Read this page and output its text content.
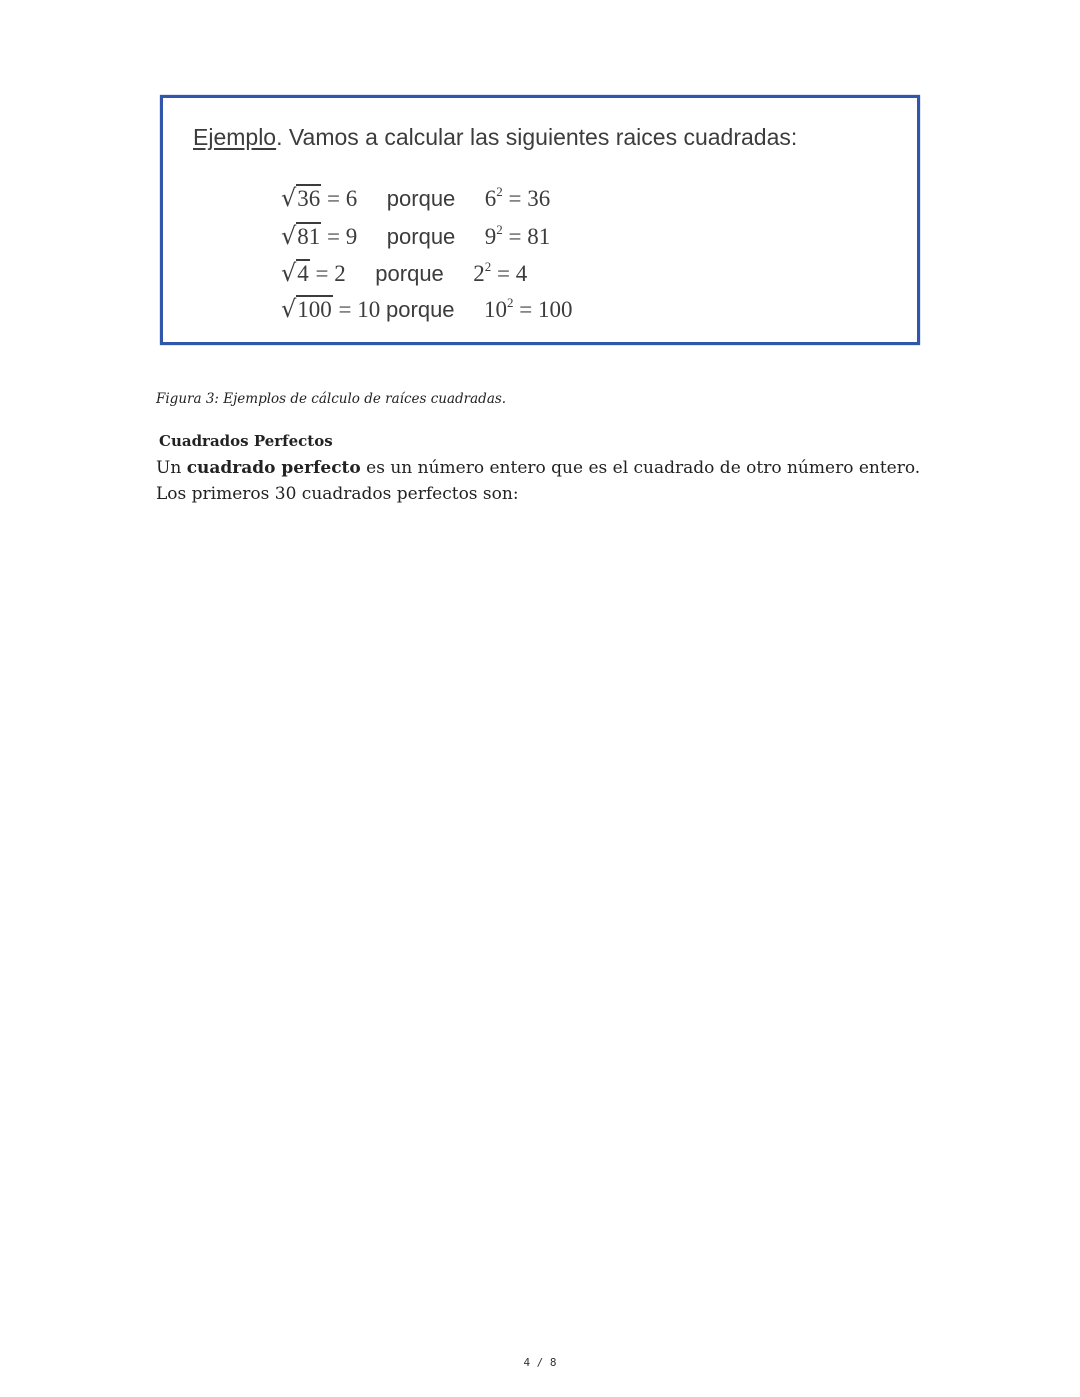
Ejemplo. Vamos a calcular las siguientes raices cuadradas:
√36 = 6 porque $6^2 = 36$
√81 = 9 porque $9^2 = 81$
√4 = 2 porque $2^2 = 4$
√100 = 10 porque $10^2 = 100$
Figura 3: Ejemplos de cálculo de raíces cuadradas.
Cuadrados Perfectos
Un cuadrado perfecto es un número entero que es el cuadrado de otro número entero. Los primeros 30 cuadrados perfectos son:
4 / 8
